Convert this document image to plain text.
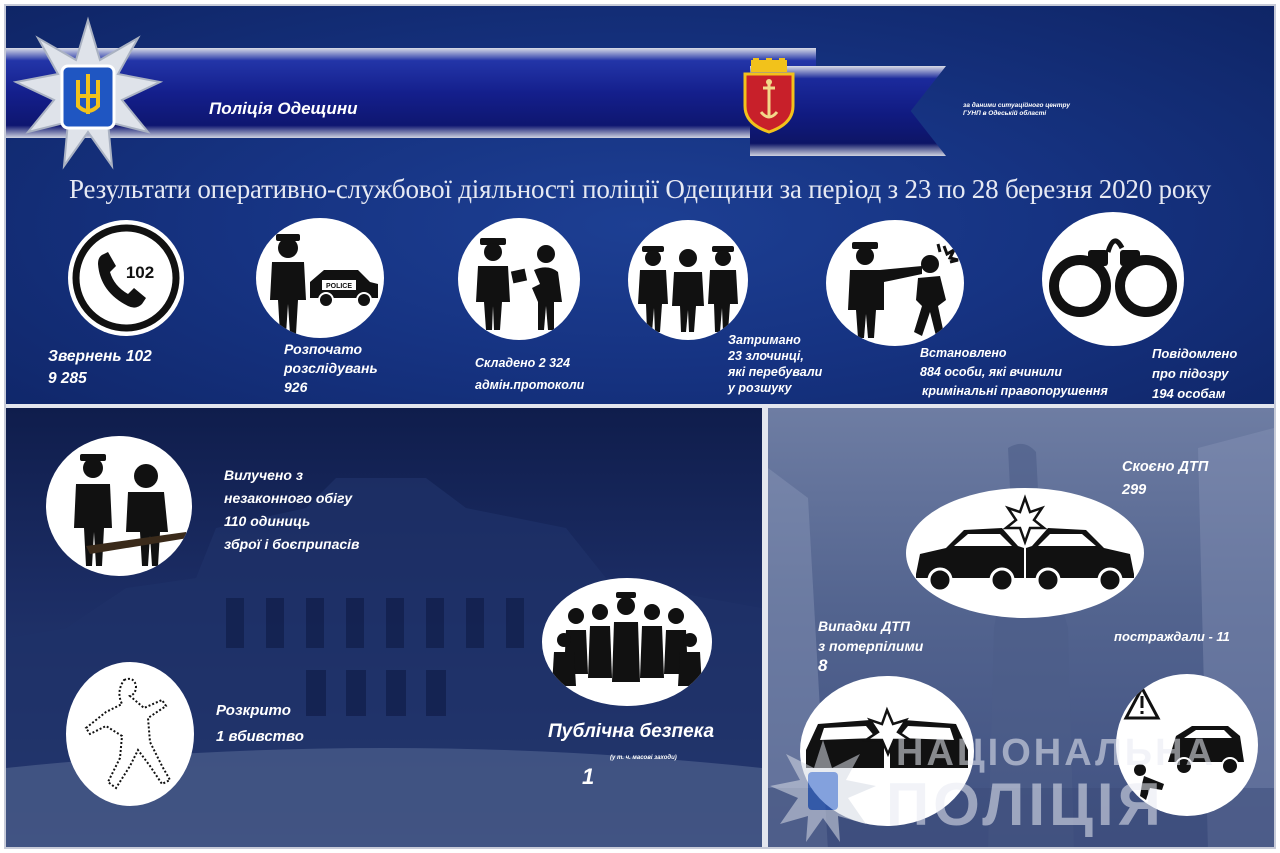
Поліція Одещини	за даними ситуаційного центру
ГУНП в Одеській області
Результати оперативно-службової діяльності поліції Одещини за період з 23 по 28 березня 2020 року
102
Звернень 102
9 285
POLICE
Розпочато
розслідувань
926
Складено 2 324
адмін.протоколи
Затримано
23 злочинці,
які перебували
у розшуку
Встановлено
884 особи, які вчинили
кримінальні правопорушення
Повідомлено
про підозру
194 особам
Вилучено з
незаконного обігу
110 одиниць
зброї і боєприпасів
Розкрито
1 вбивство	Публічна безпека
(у т. ч. масові заходи)
1
Скоєно ДТП
299
Випадки ДТП
з потерпілими
8
постраждали - 11
НАЦІОНАЛЬНА
ПОЛІЦІЯ
